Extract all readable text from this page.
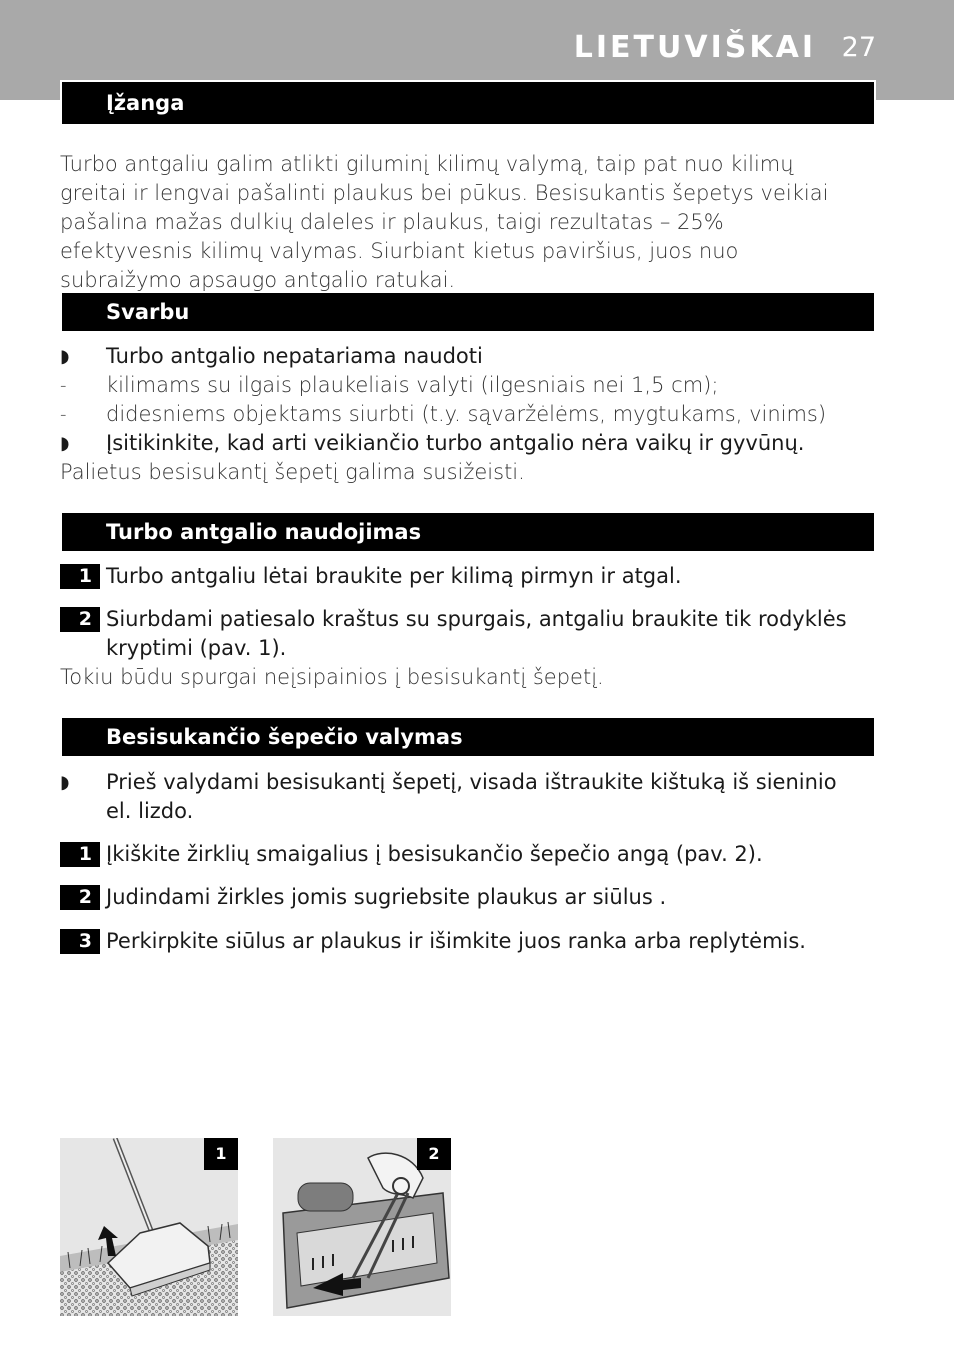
LIETUVIŠKAI 27
Įžanga

Turbo antgaliu galim atlikti giluminį kilimų valymą, taip pat nuo kilimų greitai ir lengvai pašalinti plaukus bei pūkus. Besisukantis šepetys veikiai pašalina mažas dulkių daleles ir plaukus, taigi rezultatas – 25% efektyvesnis kilimų valymas. Siurbiant kietus paviršius, juos nuo subraižymo apsaugo antgalio ratukai.

Svarbu
◗	Turbo antgalio nepatariama naudoti
-	kilimams su ilgais plaukeliais valyti (ilgesniais nei 1,5 cm);
-	didesniems objektams siurbti (t.y. sąvaržėlėms, mygtukams, vinims)
◗	Įsitikinkite, kad arti veikiančio turbo antgalio nėra vaikų ir gyvūnų.

Palietus besisukantį šepetį galima susižeisti.

Turbo antgalio naudojimas
1 Turbo antgaliu lėtai braukite per kilimą pirmyn ir atgal.
2 Siurbdami patiesalo kraštus su spurgais, antgaliu braukite tik rodyklės kryptimi (pav. 1).

Tokiu būdu spurgai neįsipainios į besisukantį šepetį.

Besisukančio šepečio valymas
◗	Prieš valydami besisukantį šepetį, visada ištraukite kištuką iš sieninio el. lizdo.
1 Įkiškite žirklių smaigalius į besisukančio šepečio angą (pav. 2).
2 Judindami žirkles jomis sugriebsite plaukus ar siūlus .
3 Perkirpkite siūlus ar plaukus ir išimkite juos ranka arba replytėmis.
1	2
